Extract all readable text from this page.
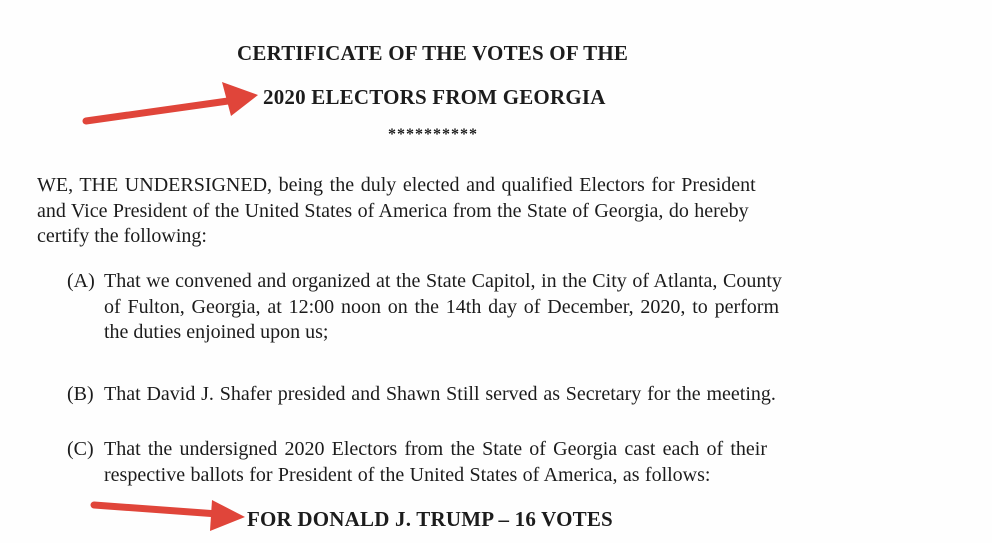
CERTIFICATE OF THE VOTES OF THE
2020 ELECTORS FROM GEORGIA
**********
WE, THE UNDERSIGNED, being the duly elected and qualified Electors for President
and Vice President of the United States of America from the State of Georgia, do hereby
certify the following:
(A) That we convened and organized at the State Capitol, in the City of Atlanta, County
of Fulton, Georgia, at 12:00 noon on the 14th day of December, 2020, to perform
the duties enjoined upon us;
(B) That David J. Shafer presided and Shawn Still served as Secretary for the meeting.
(C) That the undersigned 2020 Electors from the State of Georgia cast each of their
respective ballots for President of the United States of America, as follows:
FOR DONALD J. TRUMP – 16 VOTES
